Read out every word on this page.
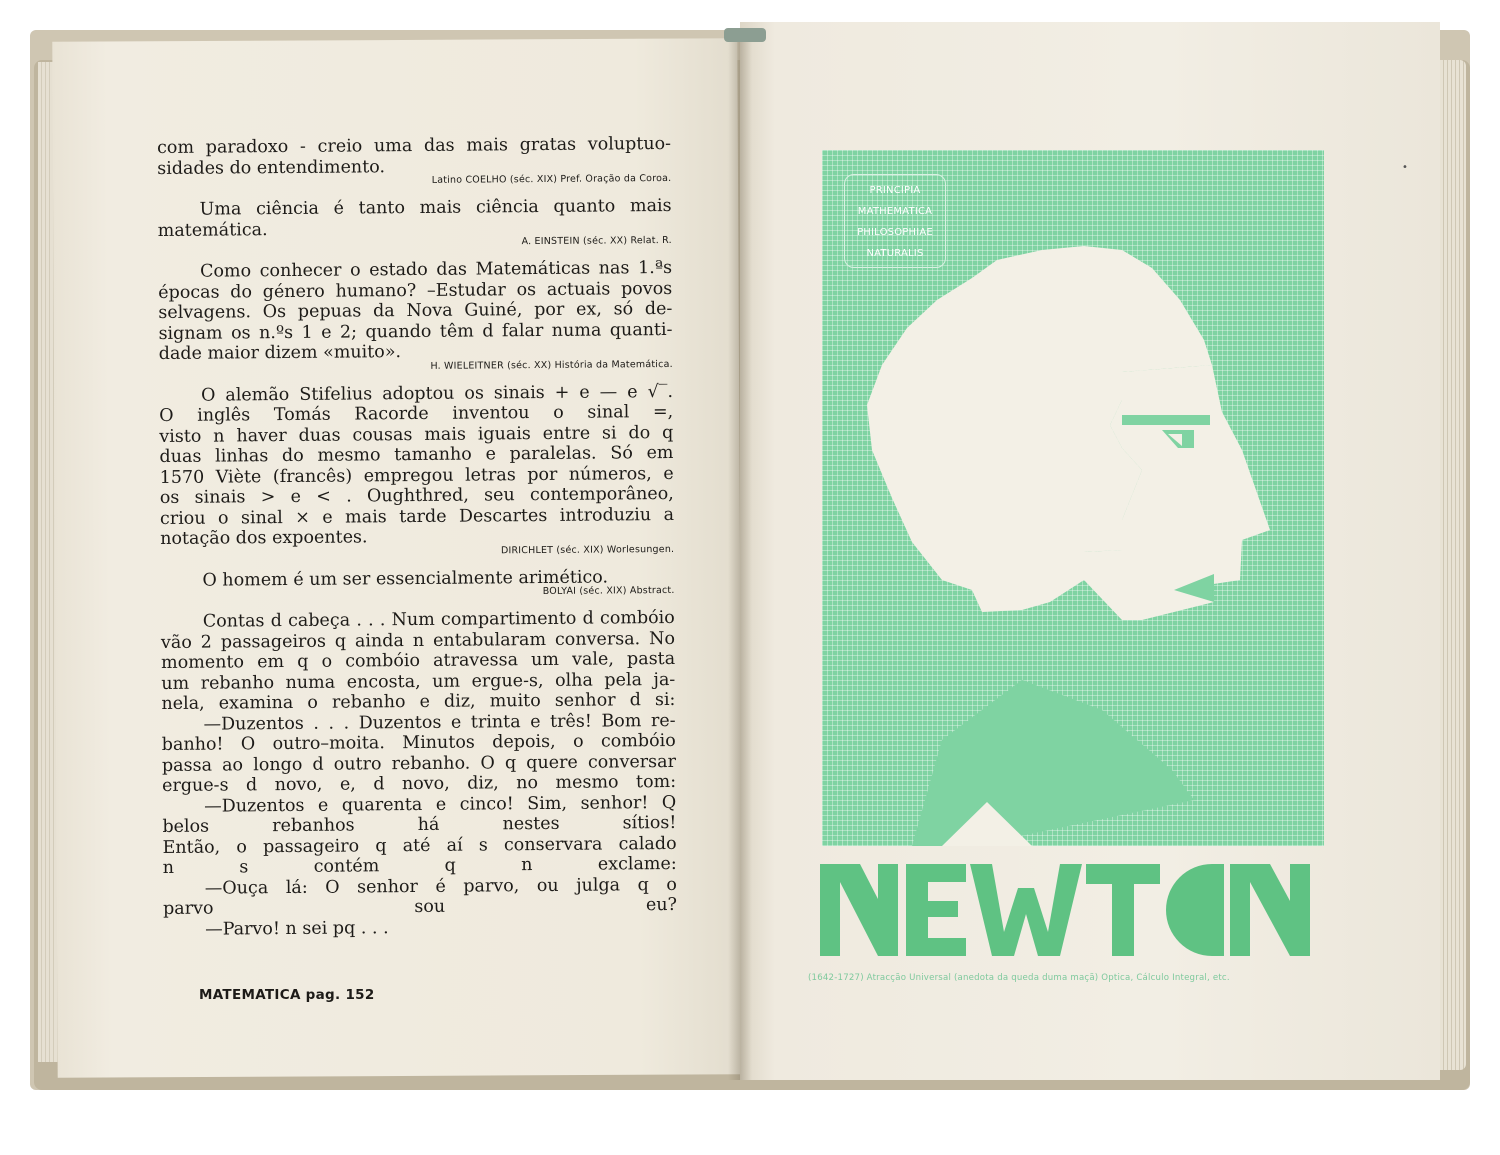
com paradoxo - creio uma das mais gratas voluptuo-
sidades do entendimento.
Latino COELHO (séc. XIX) Pref. Oração da Coroa.
Uma ciência é tanto mais ciência quanto mais
matemática.
A. EINSTEIN (séc. XX) Relat. R.
Como conhecer o estado das Matemáticas nas 1.ªs
épocas do género humano? –Estudar os actuais povos
selvagens. Os pepuas da Nova Guiné, por ex, só de-
signam os n.ºs 1 e 2; quando têm d falar numa quanti-
dade maior dizem «muito».
H. WIELEITNER (séc. XX) História da Matemática.
O alemão Stifelius adoptou os sinais + e — e √‾.
O inglês Tomás Racorde inventou o sinal =,
visto n haver duas cousas mais iguais entre si do q
duas linhas do mesmo tamanho e paralelas. Só em
1570 Viète (francês) empregou letras por números, e
os sinais > e < . Oughthred, seu contemporâneo,
criou o sinal × e mais tarde Descartes introduziu a
notação dos expoentes.
DIRICHLET (séc. XIX) Worlesungen.
O homem é um ser essencialmente arimético.
BOLYAI (séc. XIX) Abstract.
Contas d cabeça . . . Num compartimento d combóio
vão 2 passageiros q ainda n entabularam conversa. No
momento em q o combóio atravessa um vale, pasta
um rebanho numa encosta, um ergue-s, olha pela ja-
nela, examina o rebanho e diz, muito senhor d si:
—Duzentos . . . Duzentos e trinta e três! Bom re-
banho! O outro–moita. Minutos depois, o combóio
passa ao longo d outro rebanho. O q quere conversar
ergue-s d novo, e, d novo, diz, no mesmo tom:
—Duzentos e quarenta e cinco! Sim, senhor! Q
belos rebanhos há nestes sítios!
Então, o passageiro q até aí s conservara calado
n s contém q n exclame:
—Ouça lá: O senhor é parvo, ou julga q o
parvo sou eu?
—Parvo! n sei pq . . .
MATEMATICA pag. 152
PRINCIPIA
MATHEMATICA
PHILOSOPHIAE
NATURALIS
NEWTON
(1642-1727) Atracção Universal (anedota da queda duma maçã) Optica, Cálculo Integral, etc.
•
